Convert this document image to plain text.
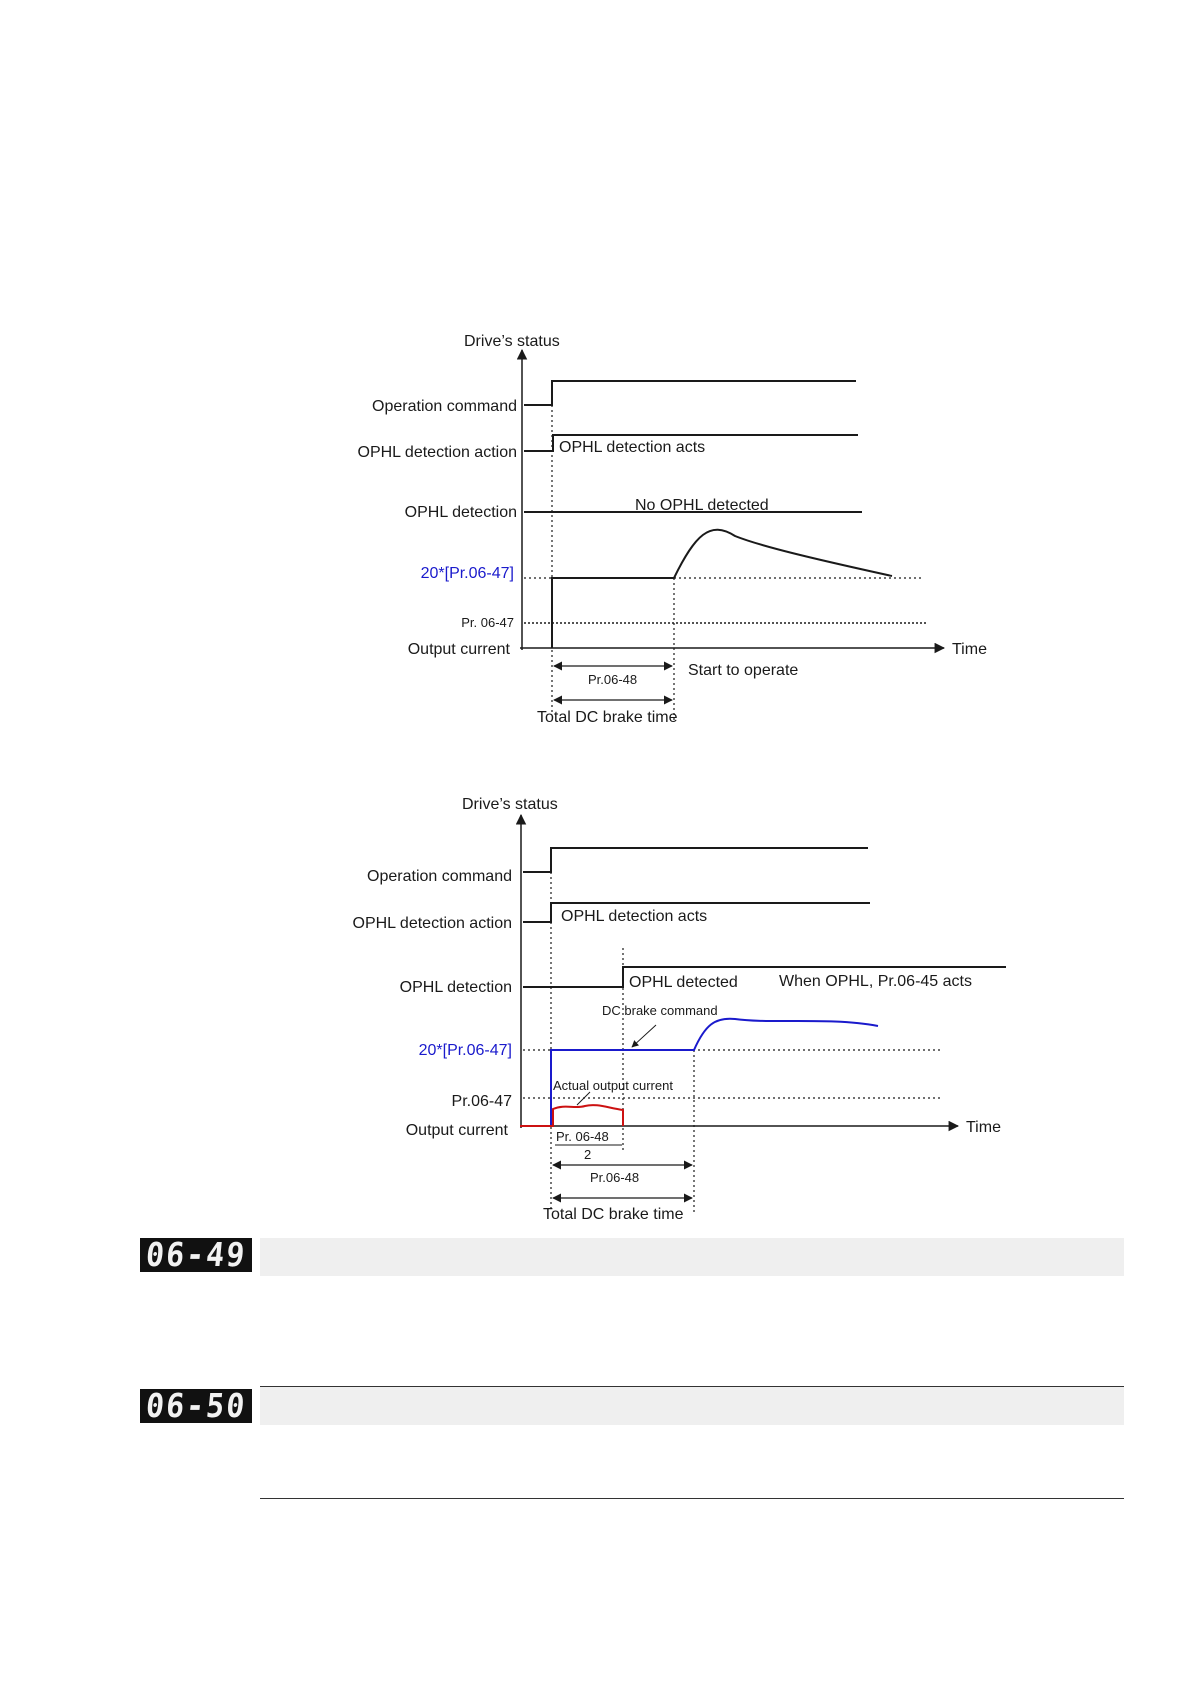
Drive’s status
Time
Operation command
OPHL detection action
OPHL detection
20*[Pr.06-47]
Pr. 06-47
Output current
OPHL detection acts
No OPHL detected
Pr.06-48
Start to operate
Total DC brake time
Drive’s status
Time
Operation command
OPHL detection action
OPHL detection
20*[Pr.06-47]
Pr.06-47
Output current
OPHL detection acts
OPHL detected	When OPHL, Pr.06-45 acts
DC brake command
Actual output current
Pr. 06-48
2
Pr.06-48
Total DC brake time
06-49
06-50
